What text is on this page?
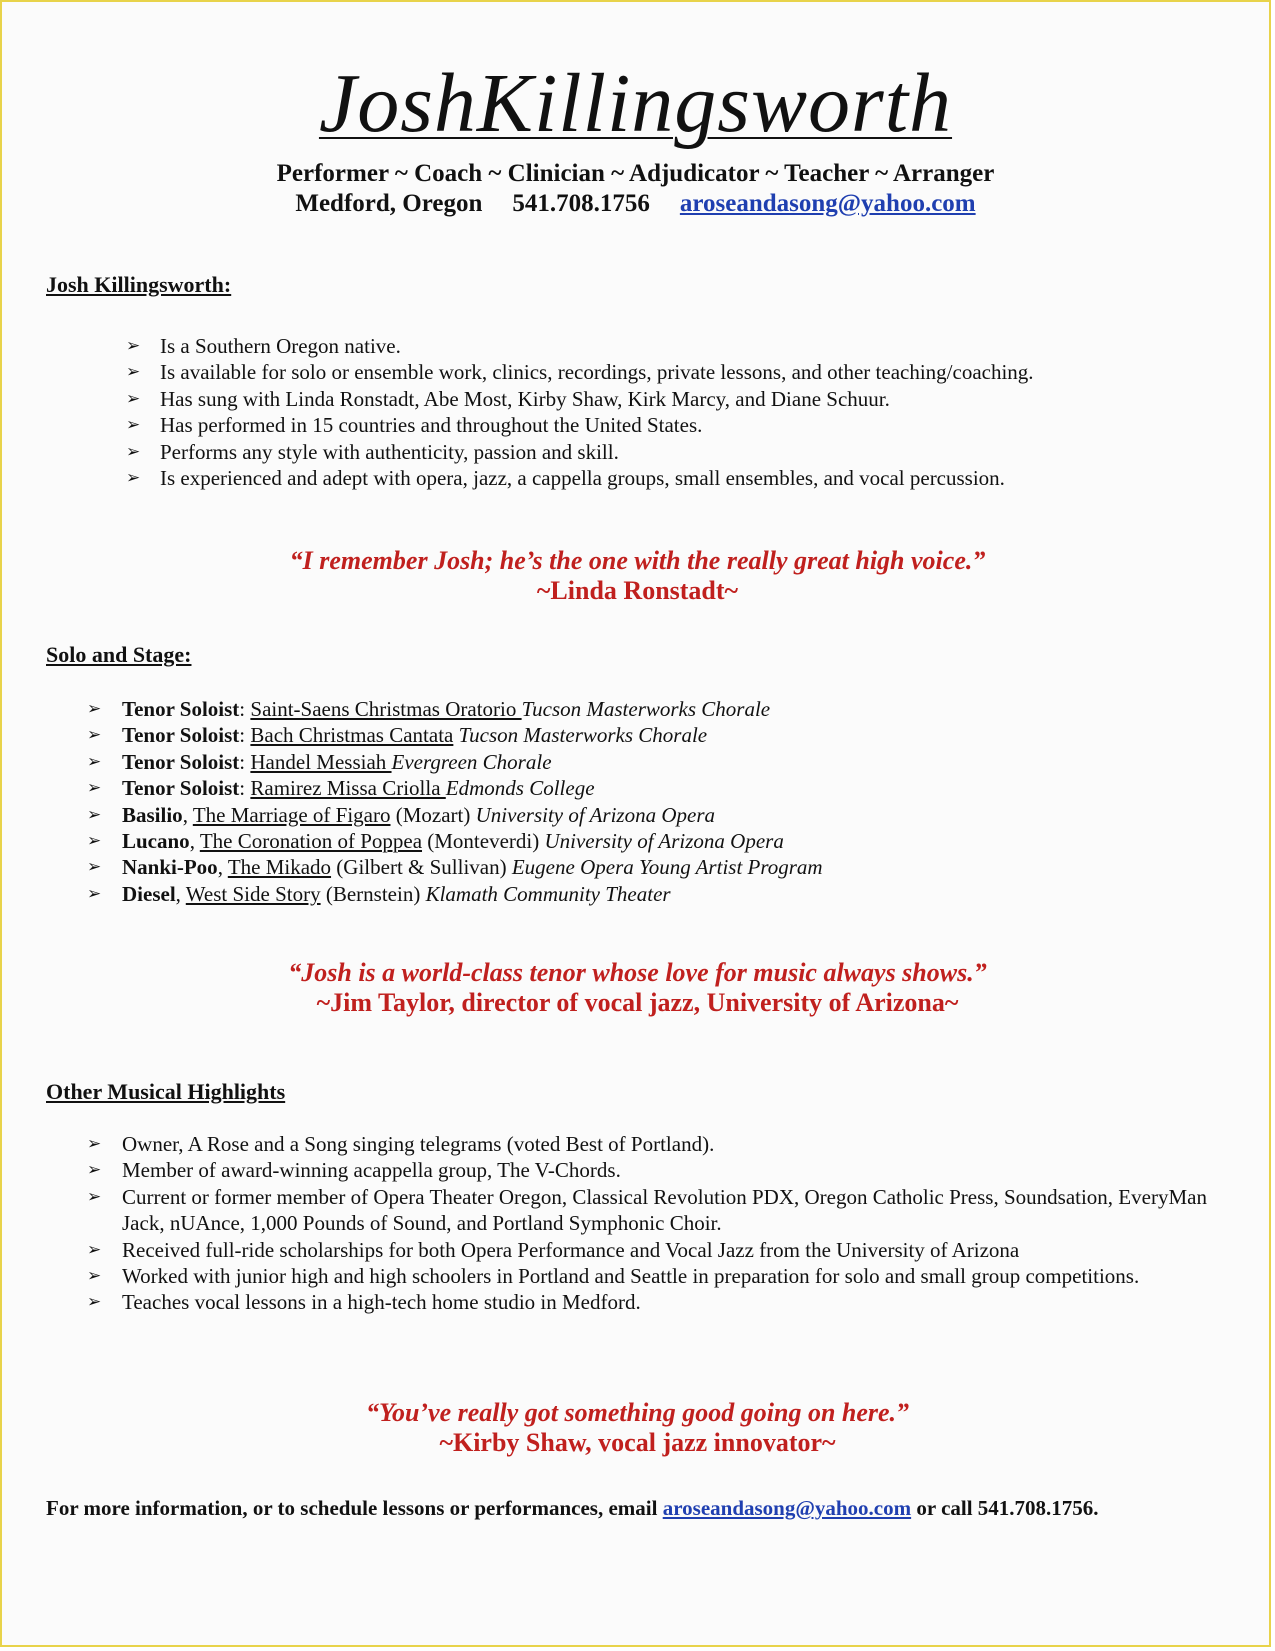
JoshKillingsworth
Performer ~ Coach ~ Clinician ~ Adjudicator ~ Teacher ~ Arranger
Medford, Oregon 541.708.1756 aroseandasong@yahoo.com
Josh Killingsworth:
➢ Is a Southern Oregon native.
➢ Is available for solo or ensemble work, clinics, recordings, private lessons, and other teaching/coaching.
➢ Has sung with Linda Ronstadt, Abe Most, Kirby Shaw, Kirk Marcy, and Diane Schuur.
➢ Has performed in 15 countries and throughout the United States.
➢ Performs any style with authenticity, passion and skill.
➢ Is experienced and adept with opera, jazz, a cappella groups, small ensembles, and vocal percussion.
“I remember Josh; he’s the one with the really great high voice.”
~Linda Ronstadt~
Solo and Stage:
➢ Tenor Soloist: Saint-Saens Christmas Oratorio Tucson Masterworks Chorale
➢ Tenor Soloist: Bach Christmas Cantata Tucson Masterworks Chorale
➢ Tenor Soloist: Handel Messiah Evergreen Chorale
➢ Tenor Soloist: Ramirez Missa Criolla Edmonds College
➢ Basilio, The Marriage of Figaro (Mozart) University of Arizona Opera
➢ Lucano, The Coronation of Poppea (Monteverdi) University of Arizona Opera
➢ Nanki-Poo, The Mikado (Gilbert & Sullivan) Eugene Opera Young Artist Program
➢ Diesel, West Side Story (Bernstein) Klamath Community Theater
“Josh is a world-class tenor whose love for music always shows.”
~Jim Taylor, director of vocal jazz, University of Arizona~
Other Musical Highlights
➢ Owner, A Rose and a Song singing telegrams (voted Best of Portland).
➢ Member of award-winning acappella group, The V-Chords.
➢ Current or former member of Opera Theater Oregon, Classical Revolution PDX, Oregon Catholic Press, Soundsation, EveryMan Jack, nUAnce, 1,000 Pounds of Sound, and Portland Symphonic Choir.
➢ Received full-ride scholarships for both Opera Performance and Vocal Jazz from the University of Arizona
➢ Worked with junior high and high schoolers in Portland and Seattle in preparation for solo and small group competitions.
➢ Teaches vocal lessons in a high-tech home studio in Medford.
“You’ve really got something good going on here.”
~Kirby Shaw, vocal jazz innovator~
For more information, or to schedule lessons or performances, email aroseandasong@yahoo.com or call 541.708.1756.
